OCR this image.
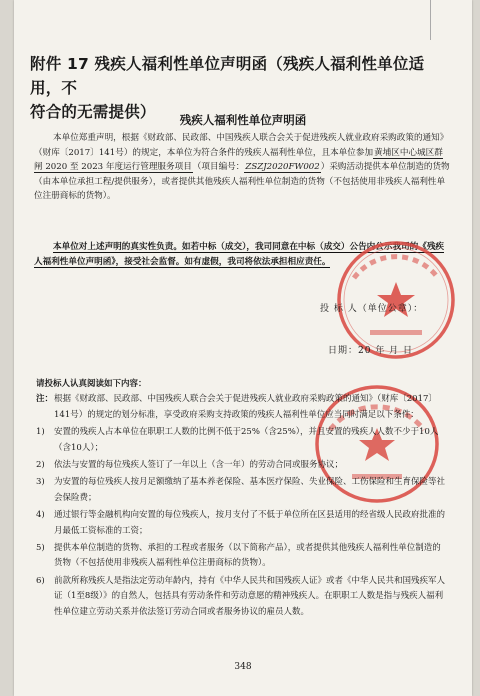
附件 17 残疾人福利性单位声明函（残疾人福利性单位适用，不
符合的无需提供）	残疾人福利性单位声明函

本单位郑重声明，根据《财政部、民政部、中国残疾人联合会关于促进残疾人就业政府采购政策的通知》（财库〔2017〕141号）的规定，本单位为符合条件的残疾人福利性单位，且本单位参加黄埔区中心城区群闸 2020 至 2023 年度运行管理服务项目（项目编号：ZSZJ2020FW002）采购活动提供本单位制造的货物（由本单位承担工程/提供服务），或者提供其他残疾人福利性单位制造的货物（不包括使用非残疾人福利性单位注册商标的货物）。

本单位对上述声明的真实性负责。如若中标（成交），我司同意在中标（成交）公告内公示我司的《残疾人福利性单位声明函》，接受社会监督。如有虚假，我司将依法承担相应责任。

投 标 人（单位公章）：
日期：20 年 月 日
请投标人认真阅读如下内容：
注： 根据《财政部、民政部、中国残疾人联合会关于促进残疾人就业政府采购政策的通知》（财库〔2017〕141号）的规定的划分标准，享受政府采购支持政策的残疾人福利性单位应当同时满足以下条件：
1)	安置的残疾人占本单位在职职工人数的比例不低于25%（含25%），并且安置的残疾人人数不少于10人（含10人）；
2)	依法与安置的每位残疾人签订了一年以上（含一年）的劳动合同或服务协议；
3)	为安置的每位残疾人按月足额缴纳了基本养老保险、基本医疗保险、失业保险、工伤保险和生育保险等社会保险费；
4)	通过银行等金融机构向安置的每位残疾人，按月支付了不低于单位所在区县适用的经省级人民政府批准的月最低工资标准的工资；
5)	提供本单位制造的货物、承担的工程或者服务（以下简称产品），或者提供其他残疾人福利性单位制造的货物（不包括使用非残疾人福利性单位注册商标的货物）。
6)	前款所称残疾人是指法定劳动年龄内，持有《中华人民共和国残疾人证》或者《中华人民共和国残疾军人证（1至8级）》的自然人，包括具有劳动条件和劳动意愿的精神残疾人。在职职工人数是指与残疾人福利性单位建立劳动关系并依法签订劳动合同或者服务协议的雇员人数。
348
